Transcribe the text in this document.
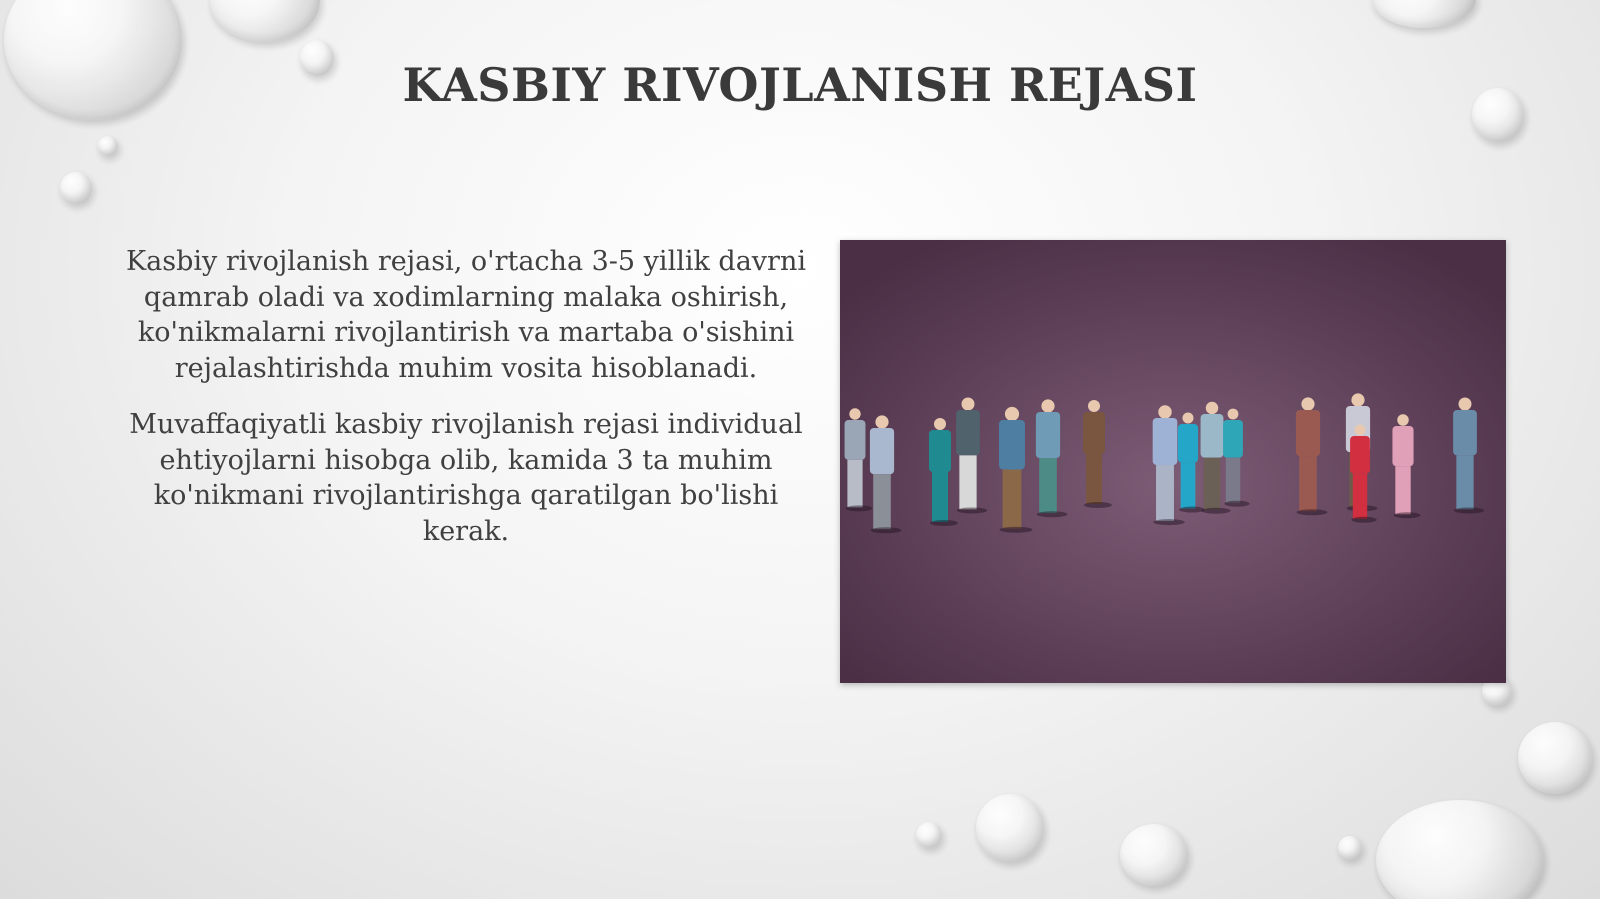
KASBIY RIVOJLANISH REJASI

Kasbiy rivojlanish rejasi, o'rtacha 3-5 yillik davrni qamrab oladi va xodimlarning malaka oshirish, ko'nikmalarni rivojlantirish va martaba o'sishini rejalashtirishda muhim vosita hisoblanadi.

Muvaffaqiyatli kasbiy rivojlanish rejasi individual ehtiyojlarni hisobga olib, kamida 3 ta muhim ko'nikmani rivojlantirishga qaratilgan bo'lishi kerak.
